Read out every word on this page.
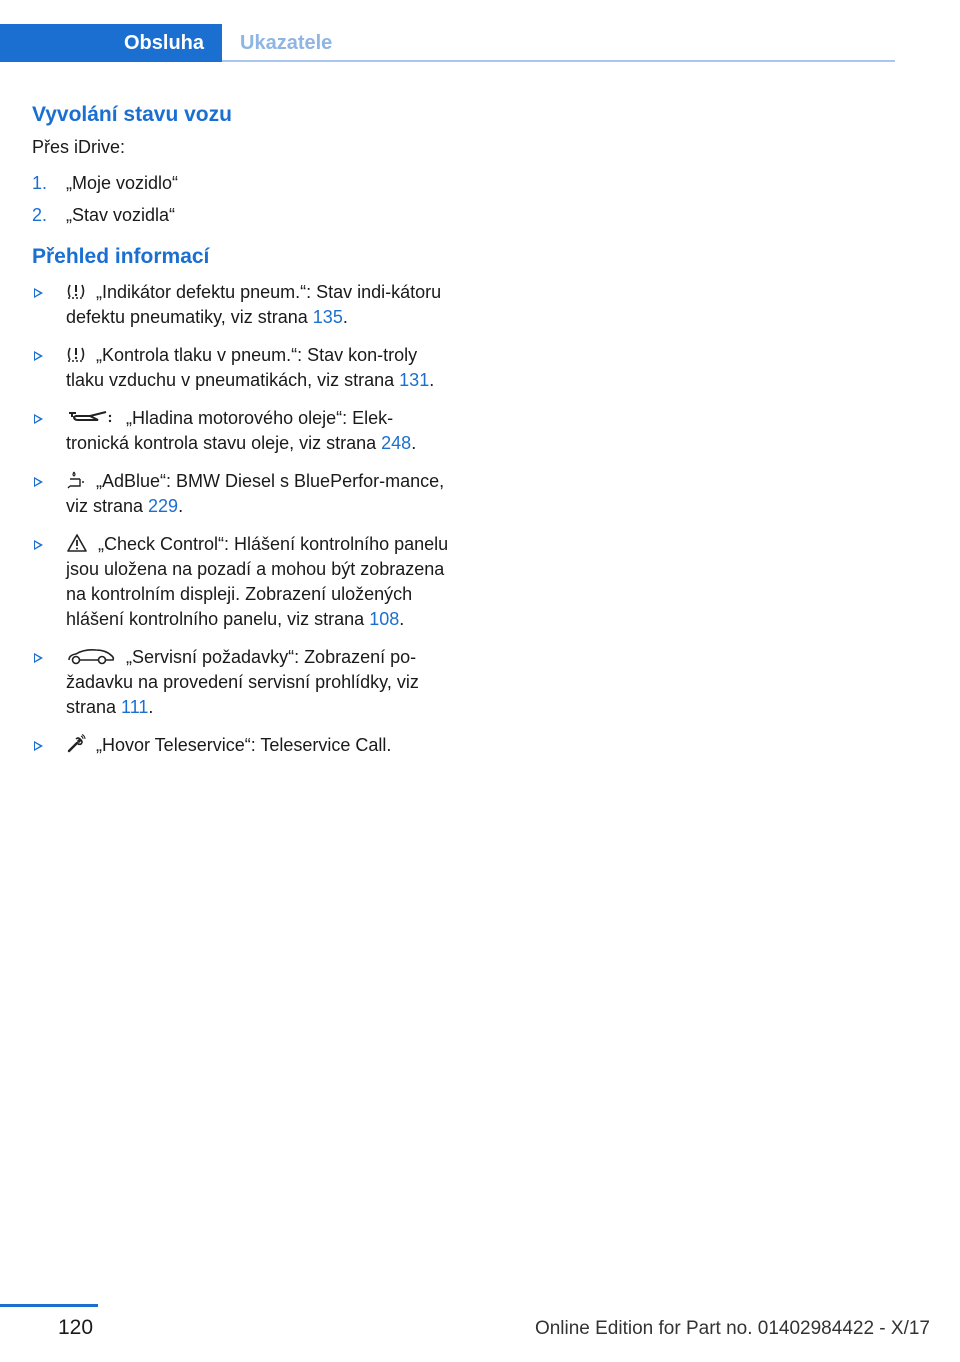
Obsluha	Ukazatele
Vyvolání stavu vozu

Přes iDrive:

1.	„Moje vozidlo“
2.	„Stav vozidla“
Přehled informací
„Indikátor defektu pneum.“: Stav indi‐kátoru defektu pneumatiky, viz strana 135.
„Kontrola tlaku v pneum.“: Stav kon‐troly tlaku vzduchu v pneumatikách, viz strana 131.
„Hladina motorového oleje“: Elek‐tronická kontrola stavu oleje, viz strana 248.
„AdBlue“: BMW Diesel s BluePerfor‐mance, viz strana 229.
„Check Control“: Hlášení kontrolního panelu jsou uložena na pozadí a mohou být zobrazena na kontrolním displeji. Zobrazení uložených hlášení kontrolního panelu, viz strana 108.
„Servisní požadavky“: Zobrazení po‐žadavku na provedení servisní prohlídky, viz strana 111.
„Hovor Teleservice“: Teleservice Call.
120	Online Edition for Part no. 01402984422 - X/17
